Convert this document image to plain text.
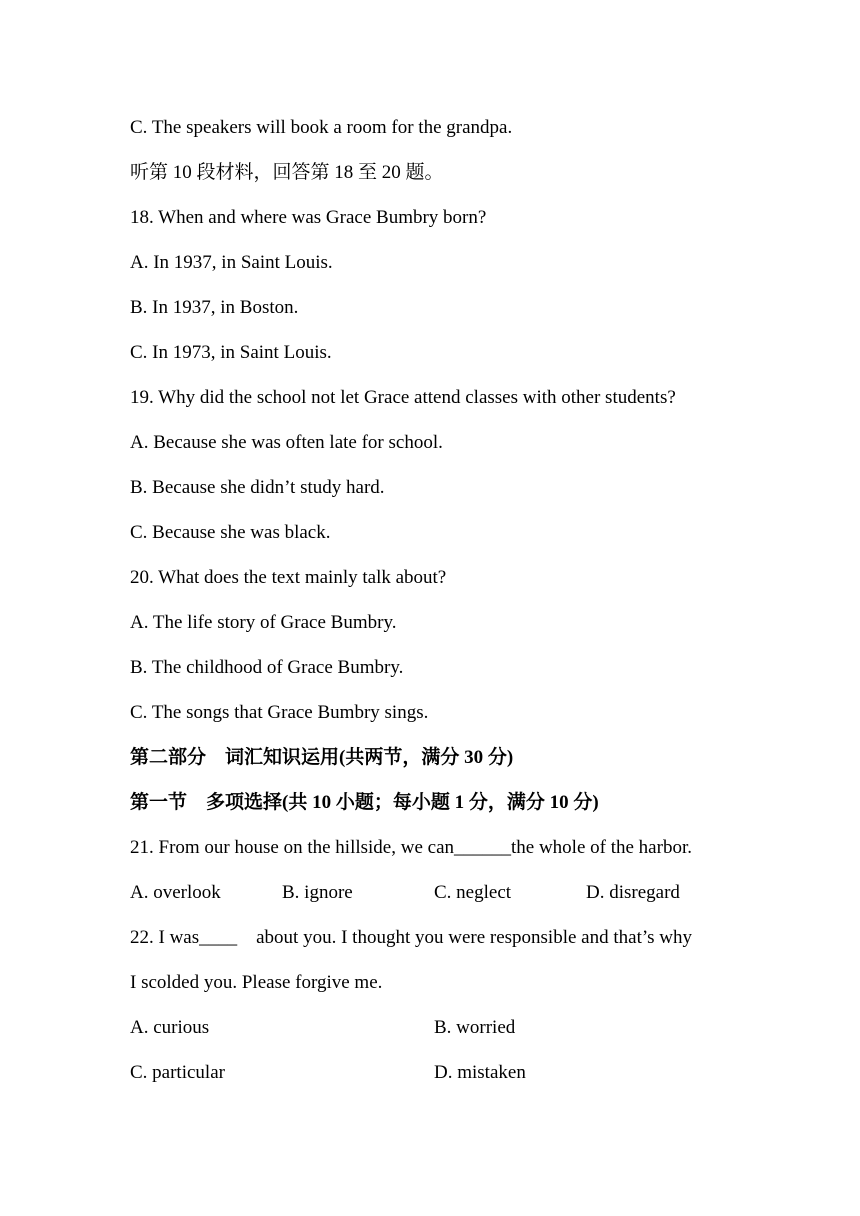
C. The speakers will book a room for the grandpa.
听第 10 段材料，回答第 18 至 20 题。
18. When and where was Grace Bumbry born?
A. In 1937, in Saint Louis.
B. In 1937, in Boston.
C. In 1973, in Saint Louis.
19. Why did the school not let Grace attend classes with other students?
A. Because she was often late for school.
B. Because she didn’t study hard.
C. Because she was black.
20. What does the text mainly talk about?
A. The life story of Grace Bumbry.
B. The childhood of Grace Bumbry.
C. The songs that Grace Bumbry sings.
第二部分 词汇知识运用(共两节，满分 30 分)
第一节 多项选择(共 10 小题；每小题 1 分，满分 10 分)
21. From our house on the hillside, we can______the whole of the harbor.
A. overlook	B. ignore	C. neglect	D. disregard
22. I was____    about you. I thought you were responsible and that’s why
I scolded you. Please forgive me.
A. curious	B. worried
C. particular	D. mistaken
